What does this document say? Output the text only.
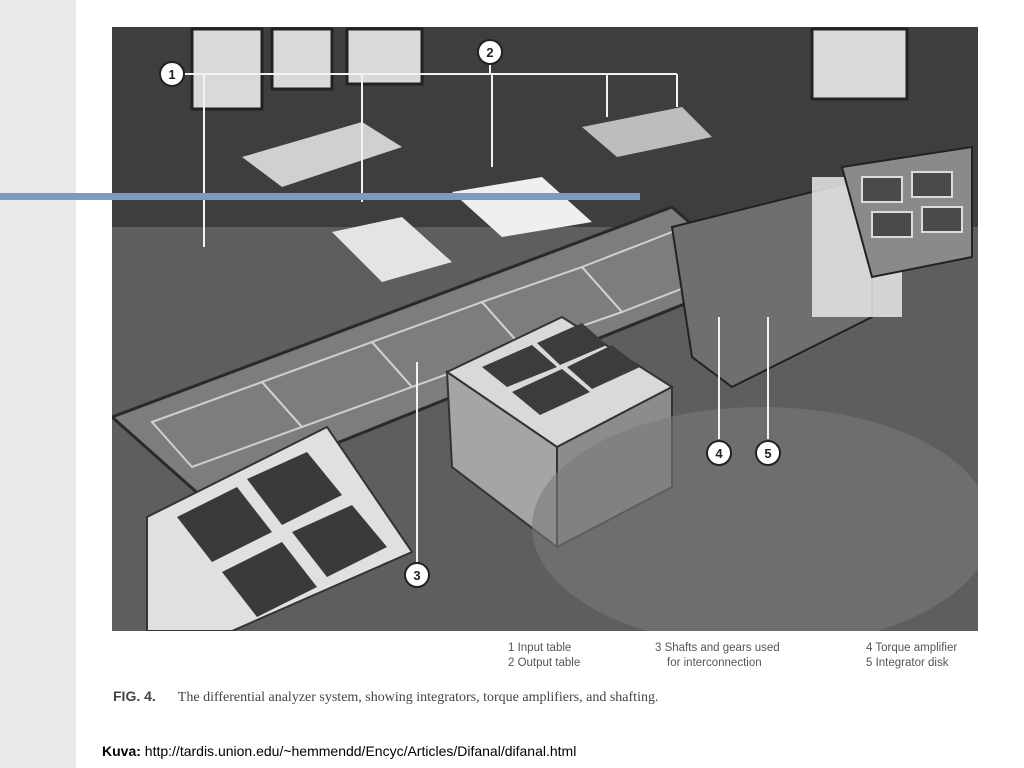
1
2
3
4	5
1 Input table
2 Output table
3 Shafts and gears used
for interconnection
4 Torque amplifier
5 Integrator disk
FIG. 4. The differential analyzer system, showing integrators, torque amplifiers, and shafting.
Kuva: http://tardis.union.edu/~hemmendd/Encyc/Articles/Difanal/difanal.html
